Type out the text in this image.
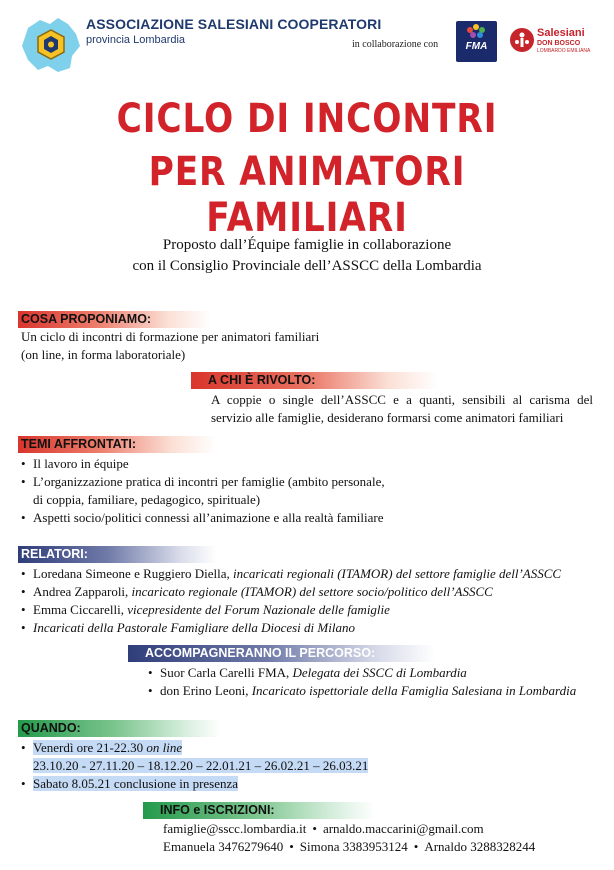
ASSOCIAZIONE SALESIANI COOPERATORI
provincia Lombardia	in collaborazione con	FMA
Salesiani
DON BOSCO
LOMBARDO EMILIANA
CICLO DI INCONTRI
PER ANIMATORI FAMILIARI
Proposto dall’Équipe famiglie in collaborazione
con il Consiglio Provinciale dell’ASSCC della Lombardia
COSA PROPONIAMO:
Un ciclo di incontri di formazione per animatori familiari
(on line, in forma laboratoriale)
A CHI È RIVOLTO:
A coppie o single dell’ASSCC e a quanti, sensibili al carisma del
servizio alle famiglie, desiderano formarsi come animatori familiari
TEMI AFFRONTATI:
• Il lavoro in équipe
• L’organizzazione pratica di incontri per famiglie (ambito personale,
di coppia, familiare, pedagogico, spirituale)
• Aspetti socio/politici connessi all’animazione e alla realtà familiare
RELATORI:
• Loredana Simeone e Ruggiero Diella, incaricati regionali (ITAMOR) del settore famiglie dell’ASSCC
• Andrea Zapparoli, incaricato regionale (ITAMOR) del settore socio/politico dell’ASSCC
• Emma Ciccarelli, vicepresidente del Forum Nazionale delle famiglie
• Incaricati della Pastorale Famigliare della Diocesi di Milano
ACCOMPAGNERANNO IL PERCORSO:
• Suor Carla Carelli FMA, Delegata dei SSCC di Lombardia
• don Erino Leoni, Incaricato ispettoriale della Famiglia Salesiana in Lombardia
QUANDO:
• Venerdì ore 21-22.30 on line
23.10.20 - 27.11.20 – 18.12.20 – 22.01.21 – 26.02.21 – 26.03.21
• Sabato 8.05.21 conclusione in presenza
INFO e ISCRIZIONI:
famiglie@sscc.lombardia.it • arnaldo.maccarini@gmail.com
Emanuela 3476279640 • Simona 3383953124 • Arnaldo 3288328244
